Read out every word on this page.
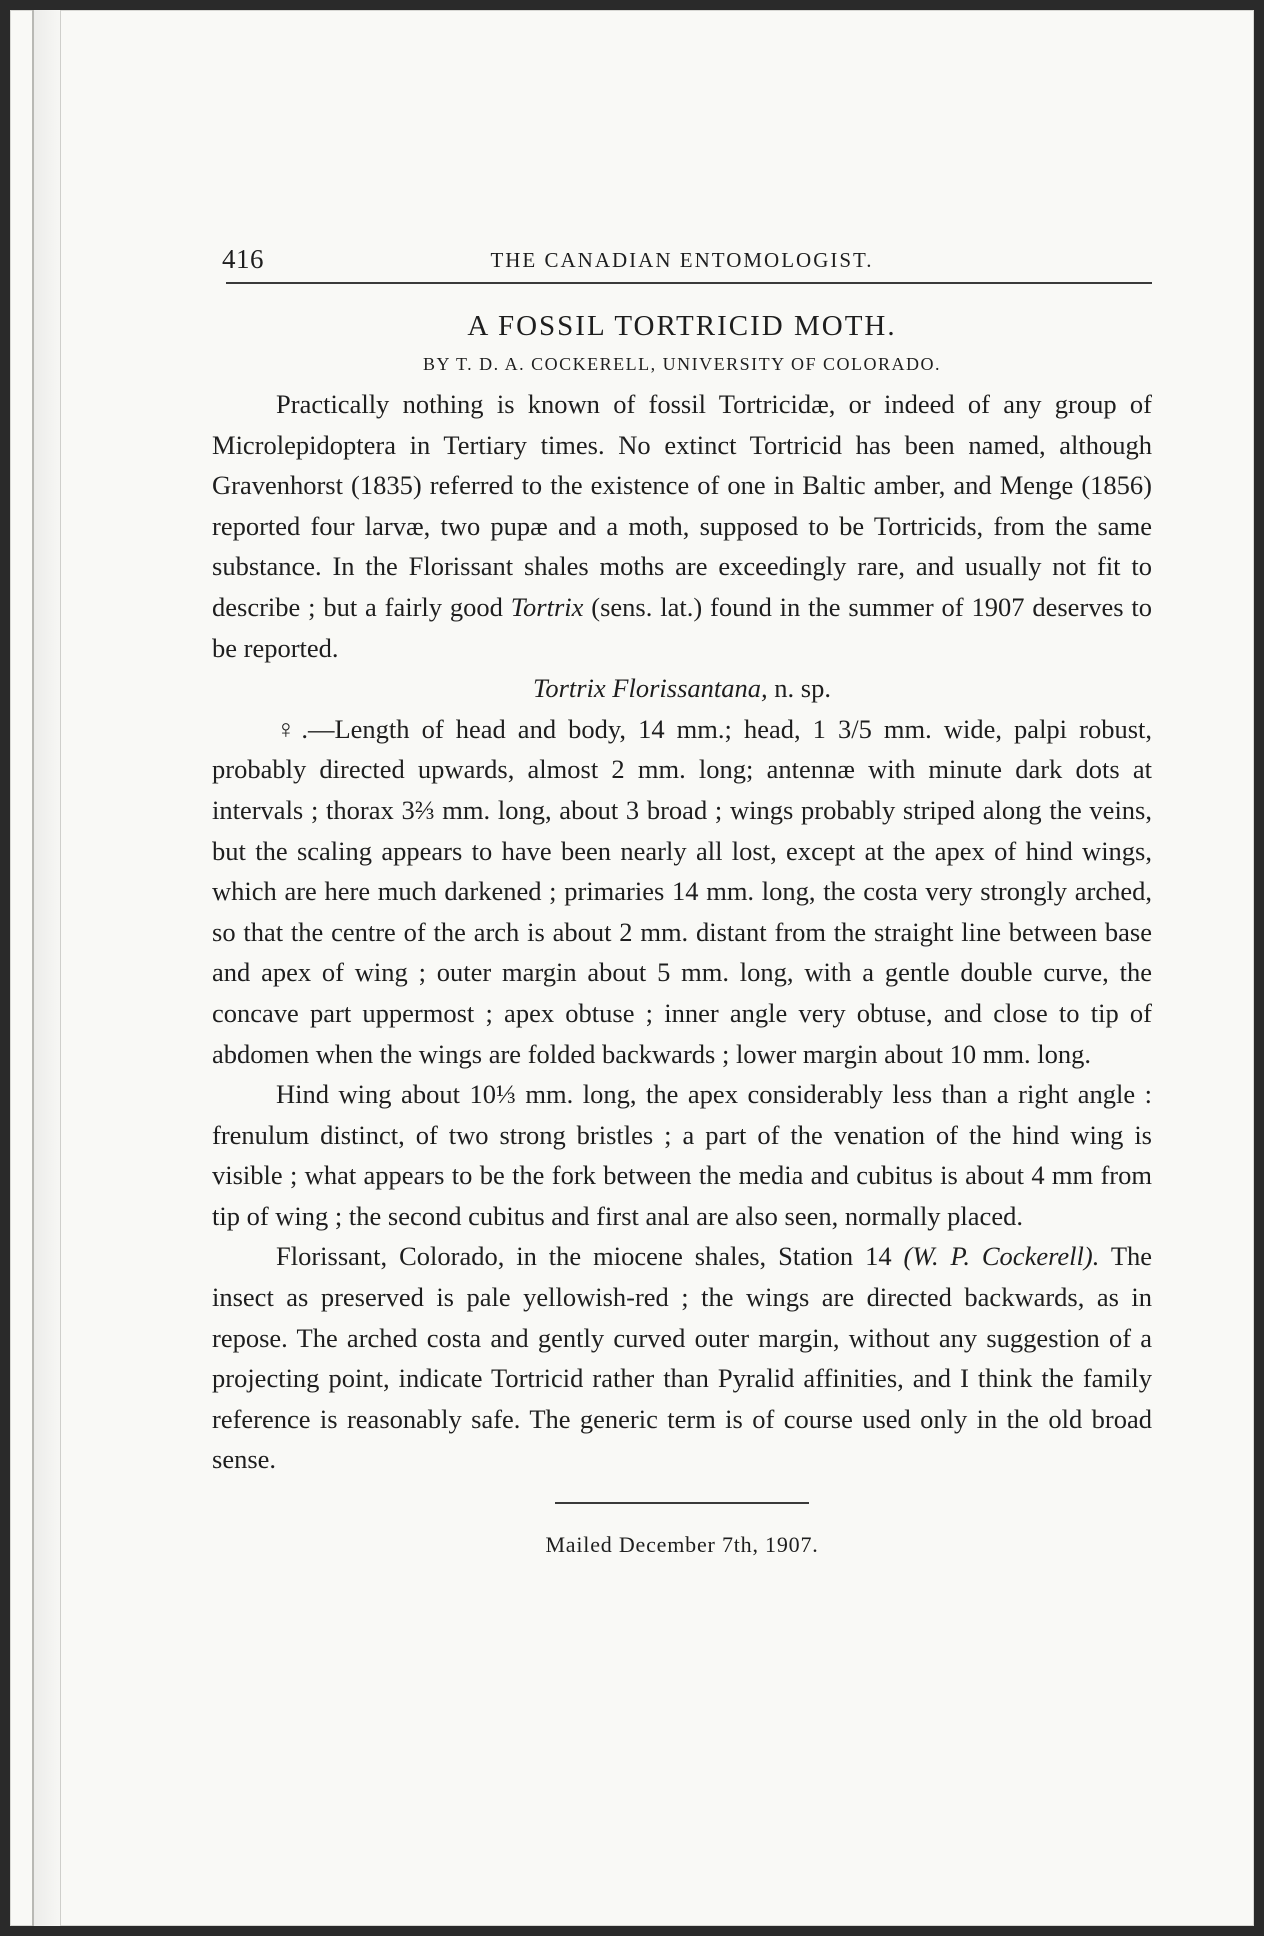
416	THE CANADIAN ENTOMOLOGIST.
A FOSSIL TORTRICID MOTH.
BY T. D. A. COCKERELL, UNIVERSITY OF COLORADO.

Practically nothing is known of fossil Tortricidæ, or indeed of any group of Microlepidoptera in Tertiary times. No extinct Tortricid has been named, although Gravenhorst (1835) referred to the existence of one in Baltic amber, and Menge (1856) reported four larvæ, two pupæ and a moth, supposed to be Tortricids, from the same substance. In the Florissant shales moths are exceedingly rare, and usually not fit to describe ; but a fairly good Tortrix (sens. lat.) found in the summer of 1907 deserves to be reported.

Tortrix Florissantana, n. sp.

♀.—Length of head and body, 14 mm.; head, 1 3/5 mm. wide, palpi robust, probably directed upwards, almost 2 mm. long; antennæ with minute dark dots at intervals ; thorax 3⅔ mm. long, about 3 broad ; wings probably striped along the veins, but the scaling appears to have been nearly all lost, except at the apex of hind wings, which are here much darkened ; primaries 14 mm. long, the costa very strongly arched, so that the centre of the arch is about 2 mm. distant from the straight line between base and apex of wing ; outer margin about 5 mm. long, with a gentle double curve, the concave part uppermost ; apex obtuse ; inner angle very obtuse, and close to tip of abdomen when the wings are folded backwards ; lower margin about 10 mm. long.

Hind wing about 10⅓ mm. long, the apex considerably less than a right angle : frenulum distinct, of two strong bristles ; a part of the venation of the hind wing is visible ; what appears to be the fork between the media and cubitus is about 4 mm from tip of wing ; the second cubitus and first anal are also seen, normally placed.

Florissant, Colorado, in the miocene shales, Station 14 (W. P. Cockerell). The insect as preserved is pale yellowish-red ; the wings are directed backwards, as in repose. The arched costa and gently curved outer margin, without any suggestion of a projecting point, indicate Tortricid rather than Pyralid affinities, and I think the family reference is reasonably safe. The generic term is of course used only in the old broad sense.

Mailed December 7th, 1907.
